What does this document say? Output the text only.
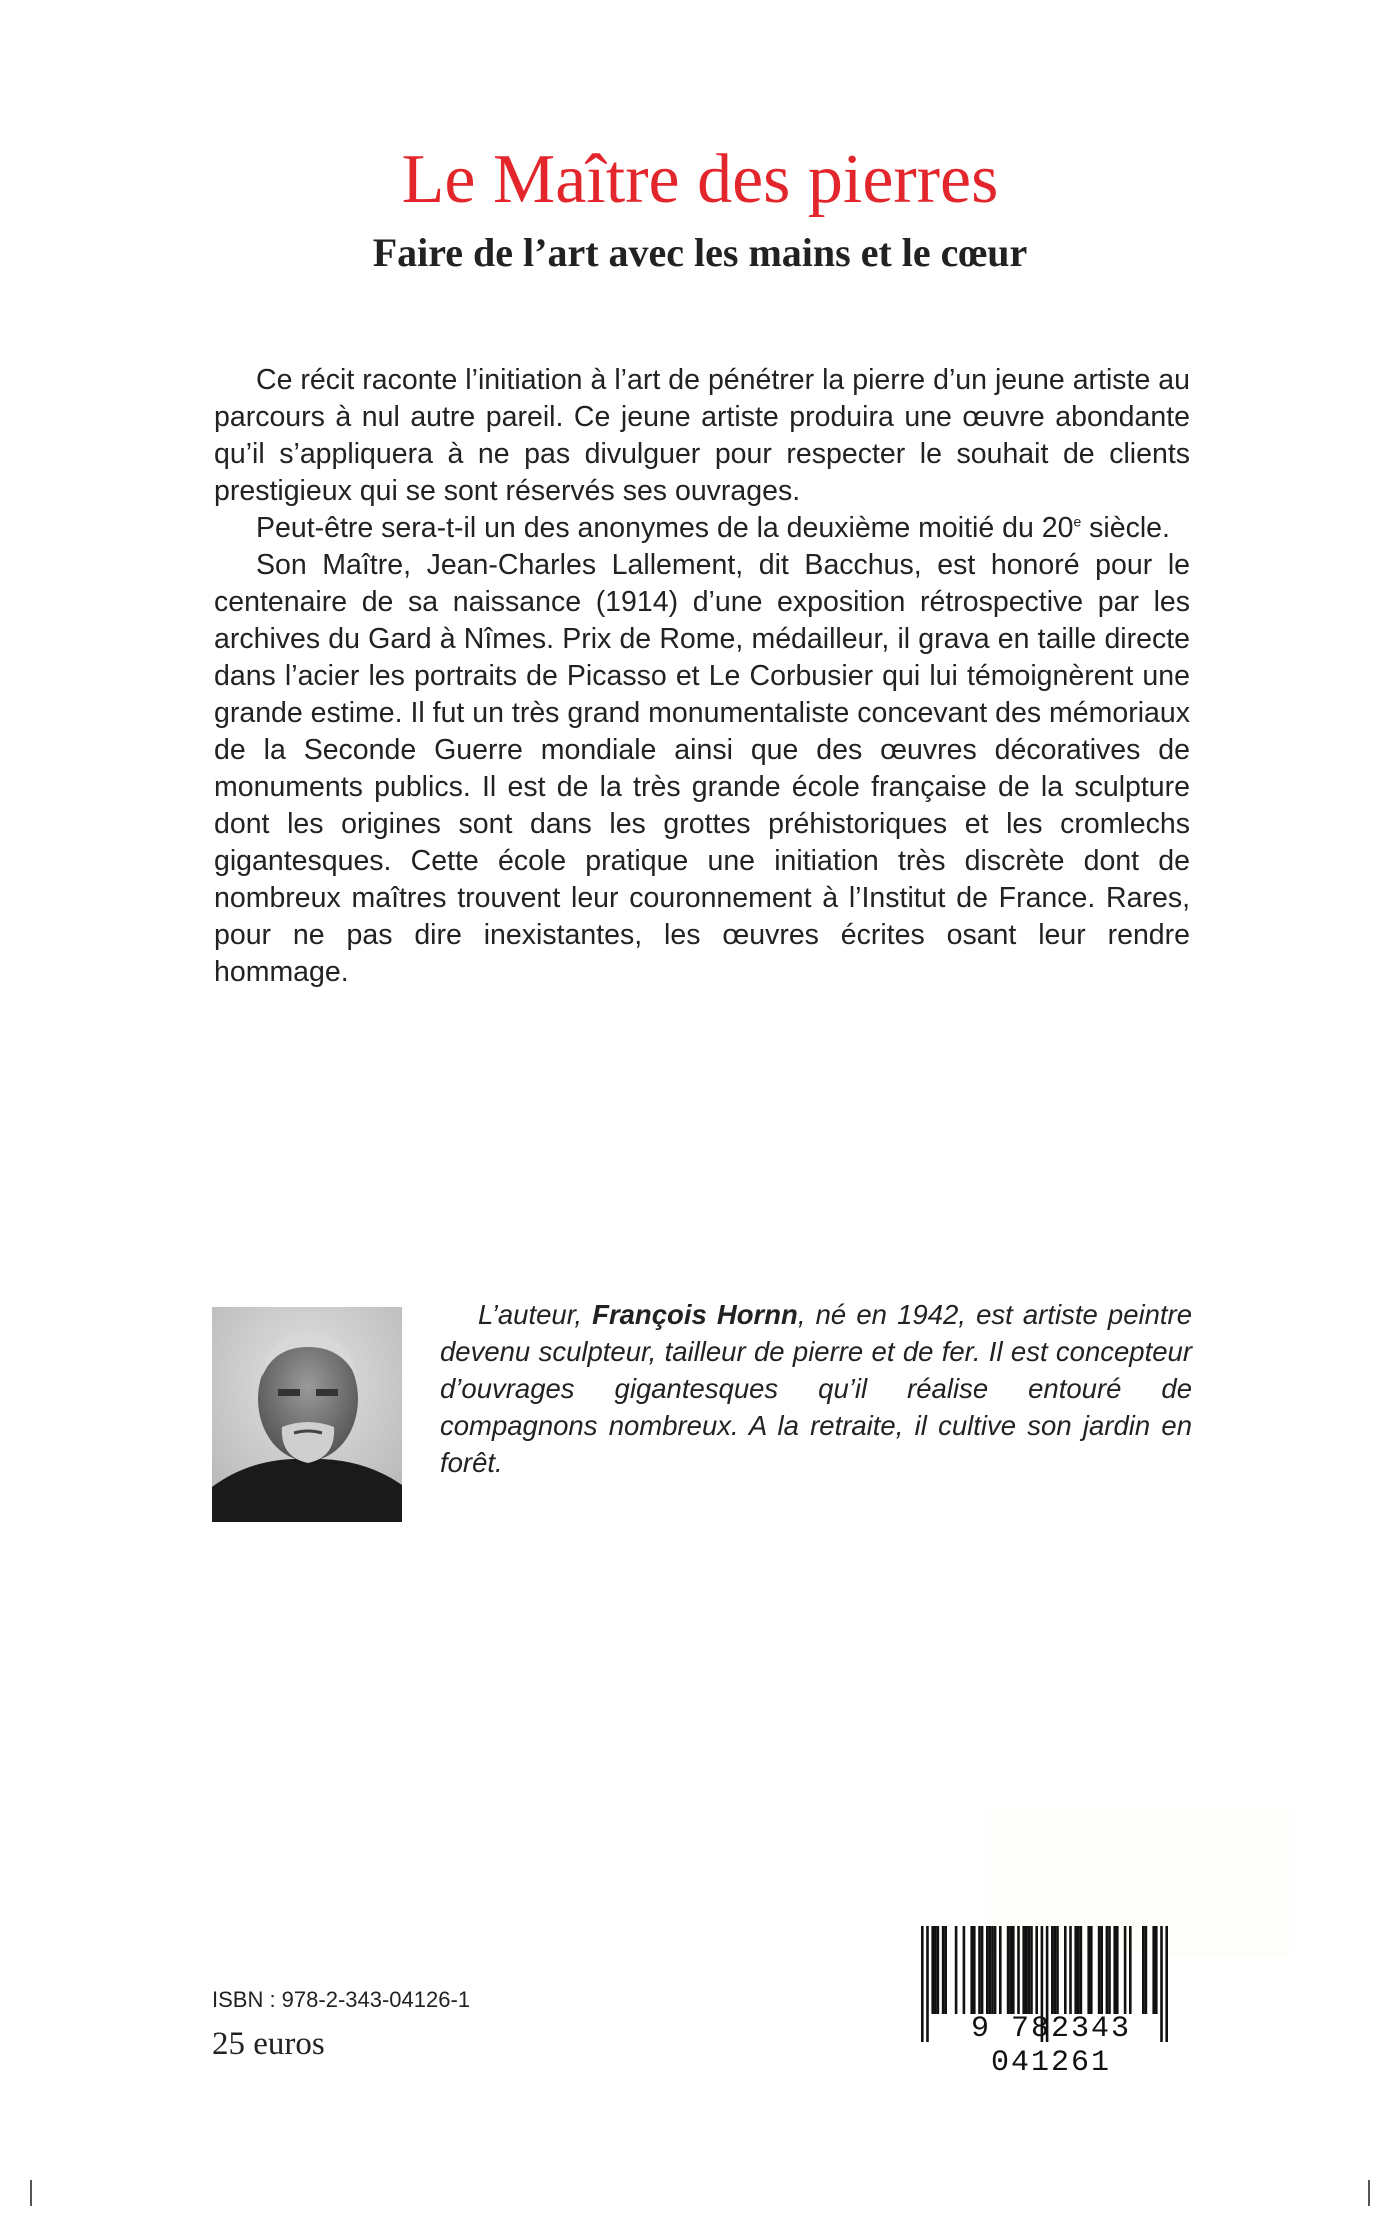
Le Maître des pierres
Faire de l’art avec les mains et le cœur

Ce récit raconte l’initiation à l’art de pénétrer la pierre d’un jeune artiste au parcours à nul autre pareil. Ce jeune artiste produira une œuvre abondante qu’il s’appliquera à ne pas divulguer pour respecter le souhait de clients prestigieux qui se sont réservés ses ouvrages.

Peut-être sera-t-il un des anonymes de la deuxième moitié du 20e siècle.

Son Maître, Jean-Charles Lallement, dit Bacchus, est honoré pour le centenaire de sa naissance (1914) d’une exposition rétrospective par les archives du Gard à Nîmes. Prix de Rome, médailleur, il grava en taille directe dans l’acier les portraits de Picasso et Le Corbusier qui lui témoignèrent une grande estime. Il fut un très grand monumentaliste concevant des mémoriaux de la Seconde Guerre mondiale ainsi que des œuvres décoratives de monuments publics. Il est de la très grande école française de la sculpture dont les origines sont dans les grottes préhistoriques et les cromlechs gigantesques. Cette école pratique une initiation très discrète dont de nombreux maîtres trouvent leur couronnement à l’Institut de France. Rares, pour ne pas dire inexistantes, les œuvres écrites osant leur rendre hommage.

L’auteur, François Hornn, né en 1942, est artiste peintre devenu sculpteur, tailleur de pierre et de fer. Il est concepteur d’ouvrages gigantesques qu’il réalise entouré de compagnons nombreux. A la retraite, il cultive son jardin en forêt.

ISBN : 978-2-343-04126-1
25 euros	9 782343 041261
